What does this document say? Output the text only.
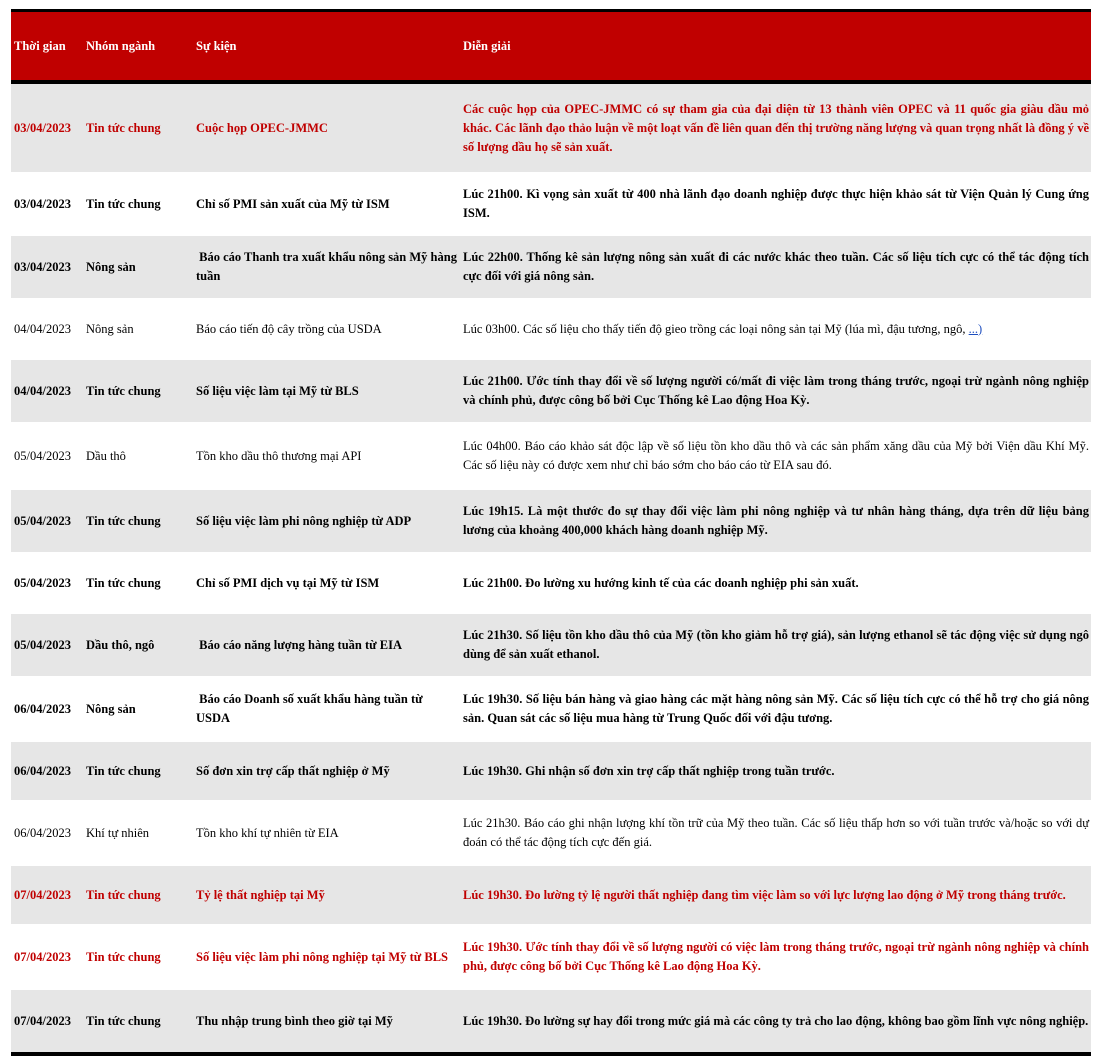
Thời gian	Nhóm ngành	Sự kiện	Diễn giải

03/04/2023	Tin tức chung	Cuộc họp OPEC-JMMC	Các cuộc họp của OPEC-JMMC có sự tham gia của đại diện từ 13 thành viên OPEC và 11 quốc gia giàu dầu mỏ khác. Các lãnh đạo thảo luận về một loạt vấn đề liên quan đến thị trường năng lượng và quan trọng nhất là đồng ý về số lượng dầu họ sẽ sản xuất.

03/04/2023	Tin tức chung	Chỉ số PMI sản xuất của Mỹ từ ISM	Lúc 21h00. Kì vọng sản xuất từ 400 nhà lãnh đạo doanh nghiệp được thực hiện khảo sát từ Viện Quản lý Cung ứng ISM.

03/04/2023	Nông sản	Báo cáo Thanh tra xuất khẩu nông sản Mỹ hàng tuần	Lúc 22h00. Thống kê sản lượng nông sản xuất đi các nước khác theo tuần. Các số liệu tích cực có thể tác động tích cực đối với giá nông sản.

04/04/2023	Nông sản	Báo cáo tiến độ cây trồng của USDA	Lúc 03h00. Các số liệu cho thấy tiến độ gieo trồng các loại nông sản tại Mỹ (lúa mì, đậu tương, ngô, ...)

04/04/2023	Tin tức chung	Số liệu việc làm tại Mỹ từ BLS	Lúc 21h00. Ước tính thay đổi về số lượng người có/mất đi việc làm trong tháng trước, ngoại trừ ngành nông nghiệp và chính phủ, được công bố bởi Cục Thống kê Lao động Hoa Kỳ.

05/04/2023	Dầu thô	Tồn kho dầu thô thương mại API	Lúc 04h00. Báo cáo khảo sát độc lập về số liệu tồn kho dầu thô và các sản phẩm xăng dầu của Mỹ bởi Viện dầu Khí Mỹ. Các số liệu này có được xem như chỉ báo sớm cho báo cáo từ EIA sau đó.

05/04/2023	Tin tức chung	Số liệu việc làm phi nông nghiệp từ ADP	Lúc 19h15. Là một thước đo sự thay đổi việc làm phi nông nghiệp và tư nhân hàng tháng, dựa trên dữ liệu bảng lương của khoảng 400,000 khách hàng doanh nghiệp Mỹ.

05/04/2023	Tin tức chung	Chỉ số PMI dịch vụ tại Mỹ từ ISM	Lúc 21h00. Đo lường xu hướng kinh tế của các doanh nghiệp phi sản xuất.

05/04/2023	Dầu thô, ngô	Báo cáo năng lượng hàng tuần từ EIA	Lúc 21h30. Số liệu tồn kho dầu thô của Mỹ (tồn kho giảm hỗ trợ giá), sản lượng ethanol sẽ tác động việc sử dụng ngô dùng để sản xuất ethanol.

06/04/2023	Nông sản	Báo cáo Doanh số xuất khẩu hàng tuần từ USDA	Lúc 19h30. Số liệu bán hàng và giao hàng các mặt hàng nông sản Mỹ. Các số liệu tích cực có thể hỗ trợ cho giá nông sản. Quan sát các số liệu mua hàng từ Trung Quốc đối với đậu tương.

06/04/2023	Tin tức chung	Số đơn xin trợ cấp thất nghiệp ở Mỹ	Lúc 19h30. Ghi nhận số đơn xin trợ cấp thất nghiệp trong tuần trước.

06/04/2023	Khí tự nhiên	Tồn kho khí tự nhiên từ EIA	Lúc 21h30. Báo cáo ghi nhận lượng khí tồn trữ của Mỹ theo tuần. Các số liệu thấp hơn so với tuần trước và/hoặc so với dự đoán có thể tác động tích cực đến giá.

07/04/2023	Tin tức chung	Tỷ lệ thất nghiệp tại Mỹ	Lúc 19h30. Đo lường tỷ lệ người thất nghiệp đang tìm việc làm so với lực lượng lao động ở Mỹ trong tháng trước.

07/04/2023	Tin tức chung	Số liệu việc làm phi nông nghiệp tại Mỹ từ BLS	Lúc 19h30. Ước tính thay đổi về số lượng người có việc làm trong tháng trước, ngoại trừ ngành nông nghiệp và chính phủ, được công bố bởi Cục Thống kê Lao động Hoa Kỳ.

07/04/2023	Tin tức chung	Thu nhập trung bình theo giờ tại Mỹ	Lúc 19h30. Đo lường sự hay đổi trong mức giá mà các công ty trả cho lao động, không bao gồm lĩnh vực nông nghiệp.
